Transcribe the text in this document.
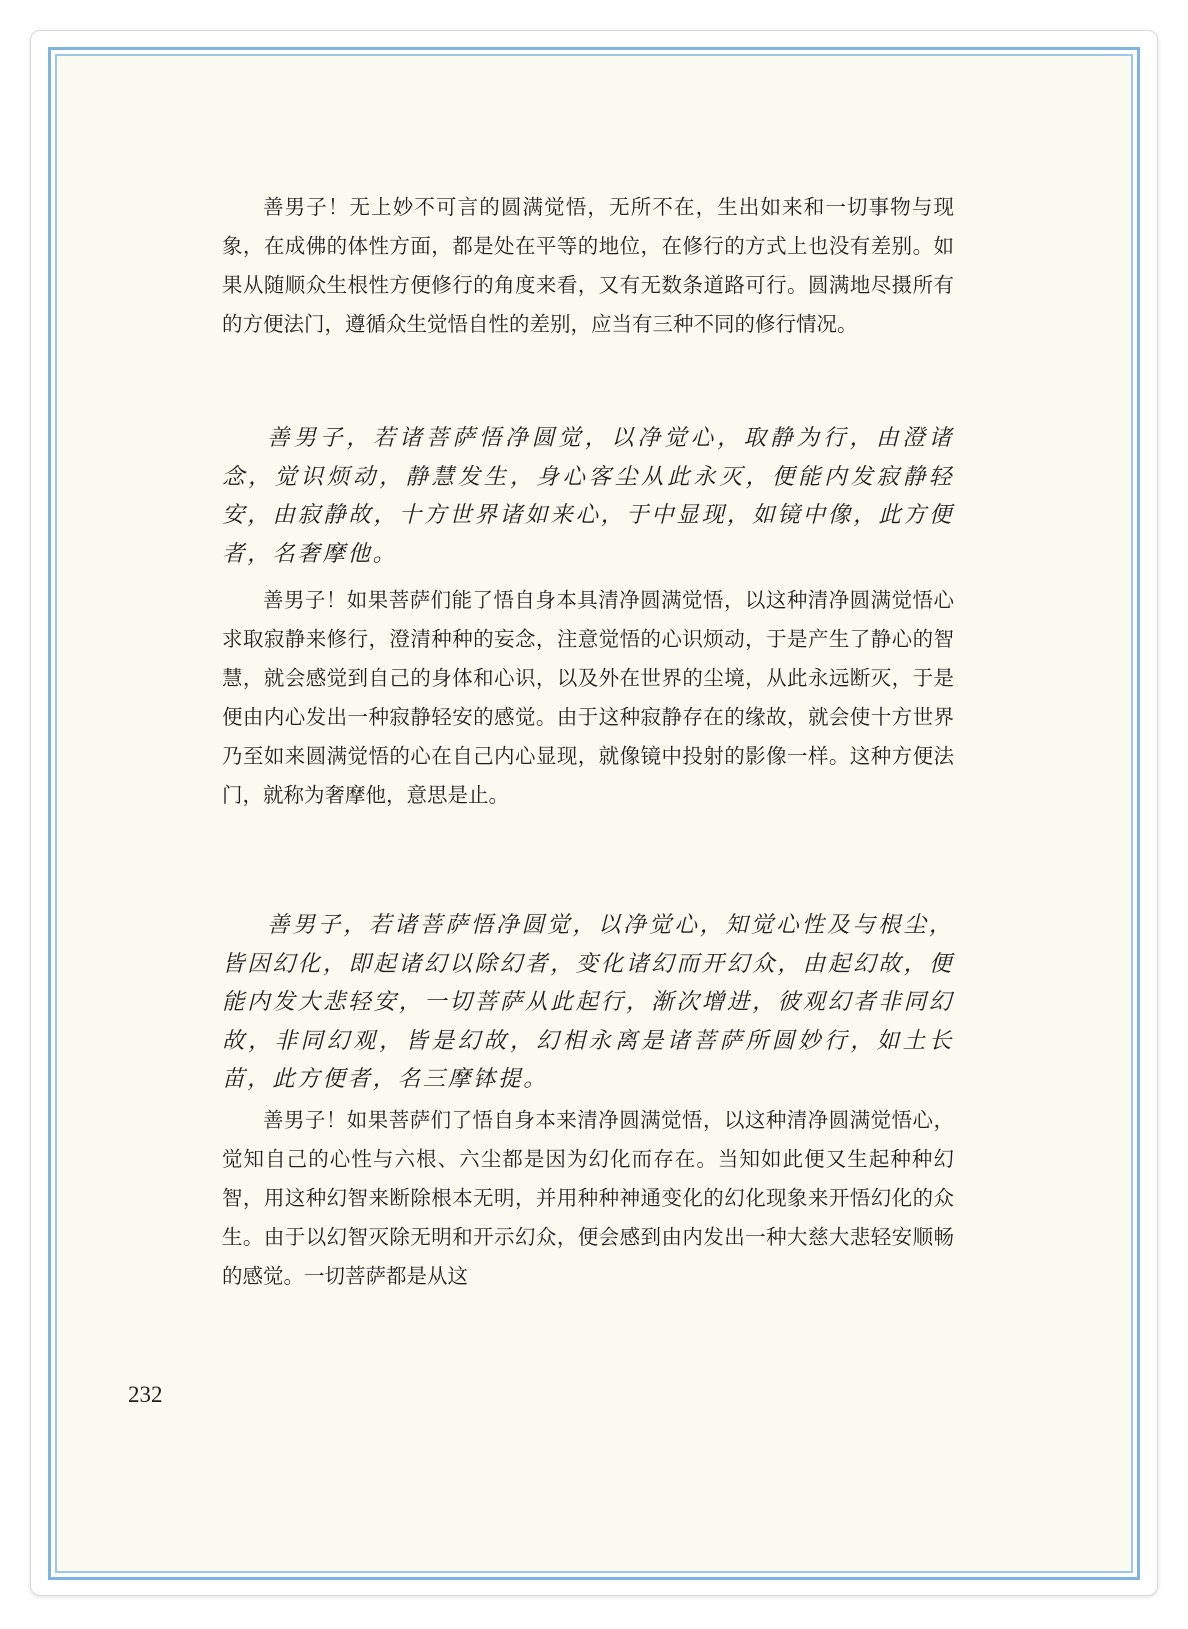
善男子！无上妙不可言的圆满觉悟，无所不在，生出如来和一切事物与现象，在成佛的体性方面，都是处在平等的地位，在修行的方式上也没有差别。如果从随顺众生根性方便修行的角度来看，又有无数条道路可行。圆满地尽摄所有的方便法门，遵循众生觉悟自性的差别，应当有三种不同的修行情况。

善男子，若诸菩萨悟净圆觉，以净觉心，取静为行，由澄诸念，觉识烦动，静慧发生，身心客尘从此永灭，便能内发寂静轻安，由寂静故，十方世界诸如来心，于中显现，如镜中像，此方便者，名奢摩他。

善男子！如果菩萨们能了悟自身本具清净圆满觉悟，以这种清净圆满觉悟心求取寂静来修行，澄清种种的妄念，注意觉悟的心识烦动，于是产生了静心的智慧，就会感觉到自己的身体和心识，以及外在世界的尘境，从此永远断灭，于是便由内心发出一种寂静轻安的感觉。由于这种寂静存在的缘故，就会使十方世界乃至如来圆满觉悟的心在自己内心显现，就像镜中投射的影像一样。这种方便法门，就称为奢摩他，意思是止。

善男子，若诸菩萨悟净圆觉，以净觉心，知觉心性及与根尘，皆因幻化，即起诸幻以除幻者，变化诸幻而开幻众，由起幻故，便能内发大悲轻安，一切菩萨从此起行，渐次增进，彼观幻者非同幻故，非同幻观，皆是幻故，幻相永离是诸菩萨所圆妙行，如土长苗，此方便者，名三摩钵提。

善男子！如果菩萨们了悟自身本来清净圆满觉悟，以这种清净圆满觉悟心，觉知自己的心性与六根、六尘都是因为幻化而存在。当知如此便又生起种种幻智，用这种幻智来断除根本无明，并用种种神通变化的幻化现象来开悟幻化的众生。由于以幻智灭除无明和开示幻众，便会感到由内发出一种大慈大悲轻安顺畅的感觉。一切菩萨都是从这

232
